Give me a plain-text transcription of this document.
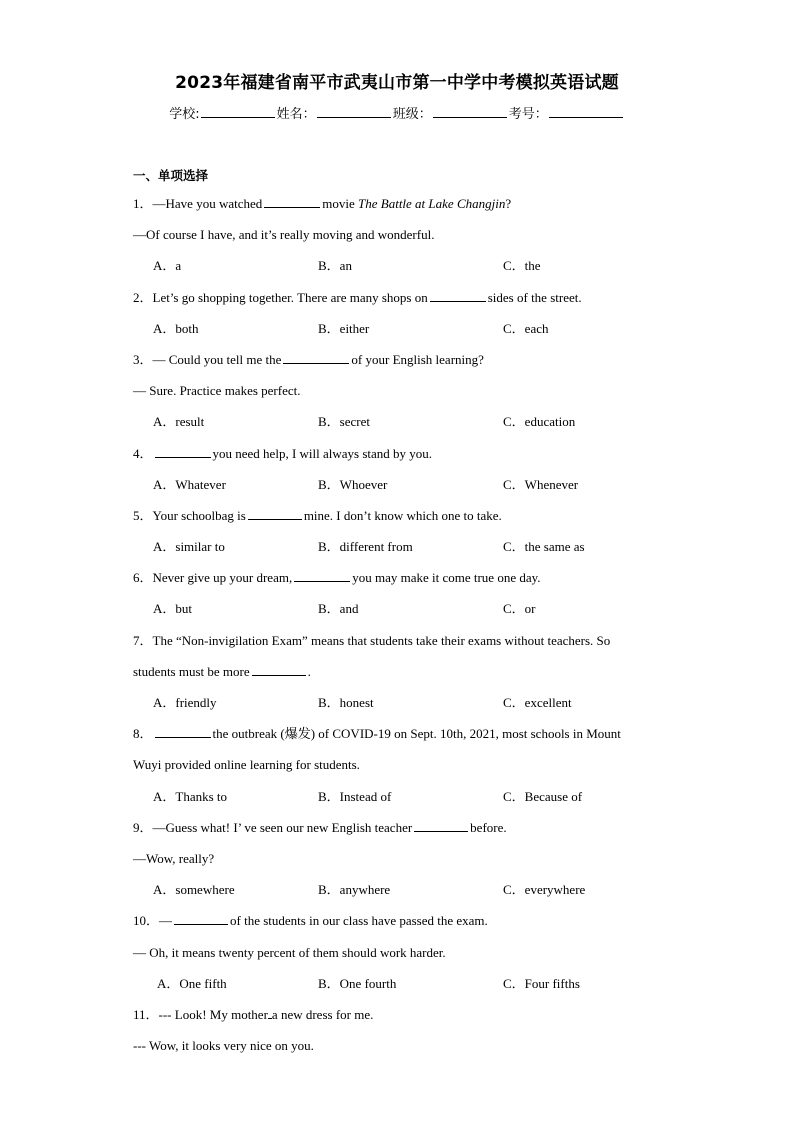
2023年福建省南平市武夷山市第一中学中考模拟英语试题
学校:	姓名：	班级：	考号：
一、单项选择
1．—Have you watched	movie The Battle at Lake Changjin?
—Of course I have, and it’s really moving and wonderful.
A．a	B．an	C．the
2．Let’s go shopping together. There are many shops on	sides of the street.
A．both	B．either	C．each
3．— Could you tell me the	of your English learning?
— Sure. Practice makes perfect.
A．result	B．secret	C．education
4．	you need help, I will always stand by you.
A．Whatever	B．Whoever	C．Whenever
5．Your schoolbag is	mine. I don’t know which one to take.
A．similar to	B．different from	C．the same as
6．Never give up your dream,	you may make it come true one day.
A．but	B．and	C．or
7．The “Non-invigilation Exam” means that students take their exams without teachers. So
students must be more	.
A．friendly	B．honest	C．excellent
8．	the outbreak (爆发) of COVID-19 on Sept. 10th, 2021, most schools in Mount
Wuyi provided online learning for students.
A．Thanks to	B．Instead of	C．Because of
9．—Guess what! I’ ve seen our new English teacher	before.
—Wow, really?
A．somewhere	B．anywhere	C．everywhere
10．—	of the students in our class have passed the exam.
— Oh, it means twenty percent of them should work harder.
A．One fifth	B．One fourth	C．Four fifths
11．--- Look! My mother a new dress for me.
--- Wow, it looks very nice on you.
